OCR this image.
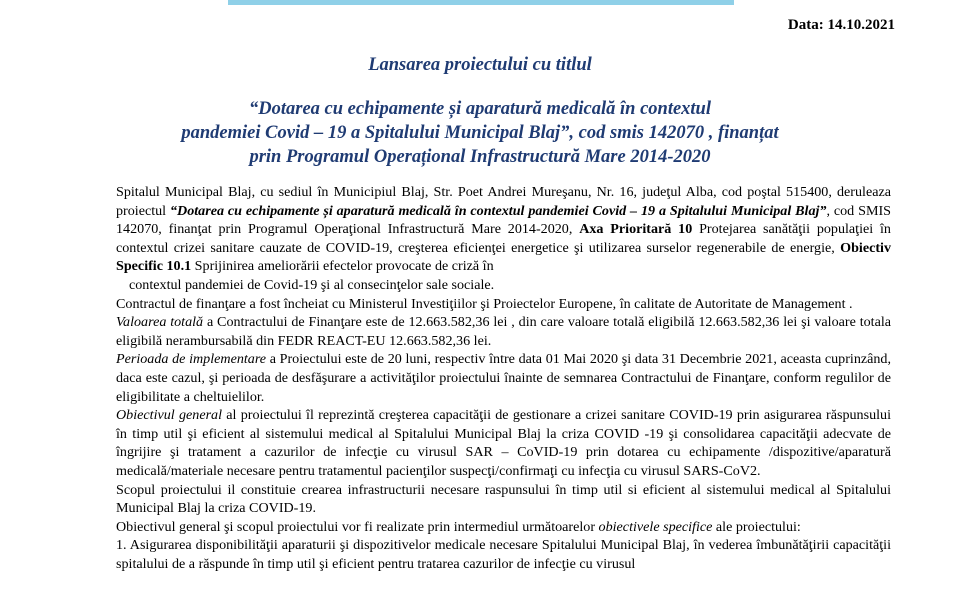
Data: 14.10.2021
Lansarea proiectului cu titlul
“Dotarea cu echipamente și aparatură medicală în contextul
pandemiei Covid – 19 a Spitalului Municipal Blaj”, cod smis 142070 , finanțat
prin Programul Operațional Infrastructură Mare 2014-2020

Spitalul Municipal Blaj, cu sediul în Municipiul Blaj, Str. Poet Andrei Mureşanu, Nr. 16, judeţul Alba, cod poştal 515400, deruleaza proiectul “Dotarea cu echipamente și aparatură medicală în contextul pandemiei Covid – 19 a Spitalului Municipal Blaj”, cod SMIS 142070, finanţat prin Programul Operaţional Infrastructură Mare 2014-2020, Axa Prioritară 10 Protejarea sanătăţii populaţiei în contextul crizei sanitare cauzate de COVID-19, creşterea eficienţei energetice şi utilizarea surselor regenerabile de energie, Obiectiv Specific 10.1 Sprijinirea ameliorării efectelor provocate de criză în

contextul pandemiei de Covid-19 şi al consecinţelor sale sociale.

Contractul de finanţare a fost încheiat cu Ministerul Investiţiilor şi Proiectelor Europene, în calitate de Autoritate de Management .

Valoarea totală a Contractului de Finanţare este de 12.663.582,36 lei , din care valoare totală eligibilă 12.663.582,36 lei şi valoare totala eligibilă nerambursabilă din FEDR REACT-EU 12.663.582,36 lei.

Perioada de implementare a Proiectului este de 20 luni, respectiv între data 01 Mai 2020 şi data 31 Decembrie 2021, aceasta cuprinzând, daca este cazul, şi perioada de desfăşurare a activităţilor proiectului înainte de semnarea Contractului de Finanţare, conform regulilor de eligibilitate a cheltuielilor.

Obiectivul general al proiectului îl reprezintă creşterea capacităţii de gestionare a crizei sanitare COVID-19 prin asigurarea răspunsului în timp util şi eficient al sistemului medical al Spitalului Municipal Blaj la criza COVID -19 şi consolidarea capacităţii adecvate de îngrijire şi tratament a cazurilor de infecţie cu virusul SAR – CoVID-19 prin dotarea cu echipamente /dispozitive/aparatură medicală/materiale necesare pentru tratamentul pacienţilor suspecţi/confirmaţi cu infecţia cu virusul SARS-CoV2.

Scopul proiectului il constituie crearea infrastructurii necesare raspunsului în timp util si eficient al sistemului medical al Spitalului Municipal Blaj la criza COVID-19.

Obiectivul general şi scopul proiectului vor fi realizate prin intermediul următoarelor obiectivele specifice ale proiectului:

1. Asigurarea disponibilităţii aparaturii şi dispozitivelor medicale necesare Spitalului Municipal Blaj, în vederea îmbunătăţirii capacităţii spitalului de a răspunde în timp util şi eficient pentru tratarea cazurilor de infecţie cu virusul
